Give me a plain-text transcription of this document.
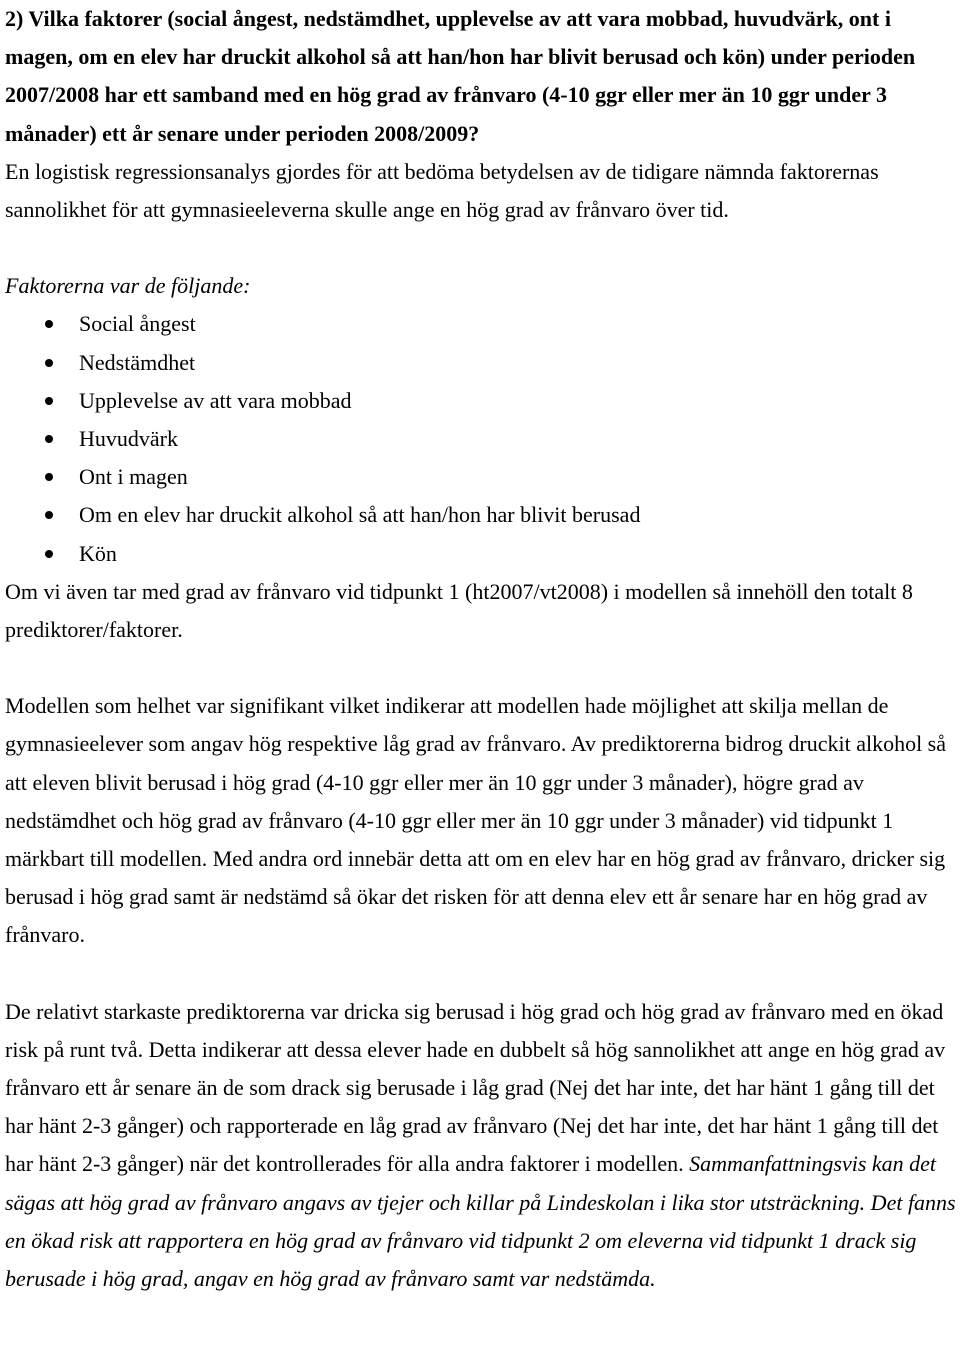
2) Vilka faktorer (social ångest, nedstämdhet, upplevelse av att vara mobbad, huvudvärk, ont i magen, om en elev har druckit alkohol så att han/hon har blivit berusad och kön) under perioden 2007/2008 har ett samband med en hög grad av frånvaro (4-10 ggr eller mer än 10 ggr under 3 månader) ett år senare under perioden 2008/2009?

En logistisk regressionsanalys gjordes för att bedöma betydelsen av de tidigare nämnda faktorernas sannolikhet för att gymnasieeleverna skulle ange en hög grad av frånvaro över tid.

Faktorerna var de följande:

Social ångest
Nedstämdhet
Upplevelse av att vara mobbad
Huvudvärk
Ont i magen
Om en elev har druckit alkohol så att han/hon har blivit berusad
Kön

Om vi även tar med grad av frånvaro vid tidpunkt 1 (ht2007/vt2008) i modellen så innehöll den totalt 8 prediktorer/faktorer.

Modellen som helhet var signifikant vilket indikerar att modellen hade möjlighet att skilja mellan de gymnasieelever som angav hög respektive låg grad av frånvaro. Av prediktorerna bidrog druckit alkohol så att eleven blivit berusad i hög grad (4-10 ggr eller mer än 10 ggr under 3 månader), högre grad av nedstämdhet och hög grad av frånvaro (4-10 ggr eller mer än 10 ggr under 3 månader) vid tidpunkt 1 märkbart till modellen. Med andra ord innebär detta att om en elev har en hög grad av frånvaro, dricker sig berusad i hög grad samt är nedstämd så ökar det risken för att denna elev ett år senare har en hög grad av frånvaro.

De relativt starkaste prediktorerna var dricka sig berusad i hög grad och hög grad av frånvaro med en ökad risk på runt två. Detta indikerar att dessa elever hade en dubbelt så hög sannolikhet att ange en hög grad av frånvaro ett år senare än de som drack sig berusade i låg grad (Nej det har inte, det har hänt 1 gång till det har hänt 2-3 gånger) och rapporterade en låg grad av frånvaro (Nej det har inte, det har hänt 1 gång till det har hänt 2-3 gånger) när det kontrollerades för alla andra faktorer i modellen. Sammanfattningsvis kan det sägas att hög grad av frånvaro angavs av tjejer och killar på Lindeskolan i lika stor utsträckning. Det fanns en ökad risk att rapportera en hög grad av frånvaro vid tidpunkt 2 om eleverna vid tidpunkt 1 drack sig berusade i hög grad, angav en hög grad av frånvaro samt var nedstämda.
